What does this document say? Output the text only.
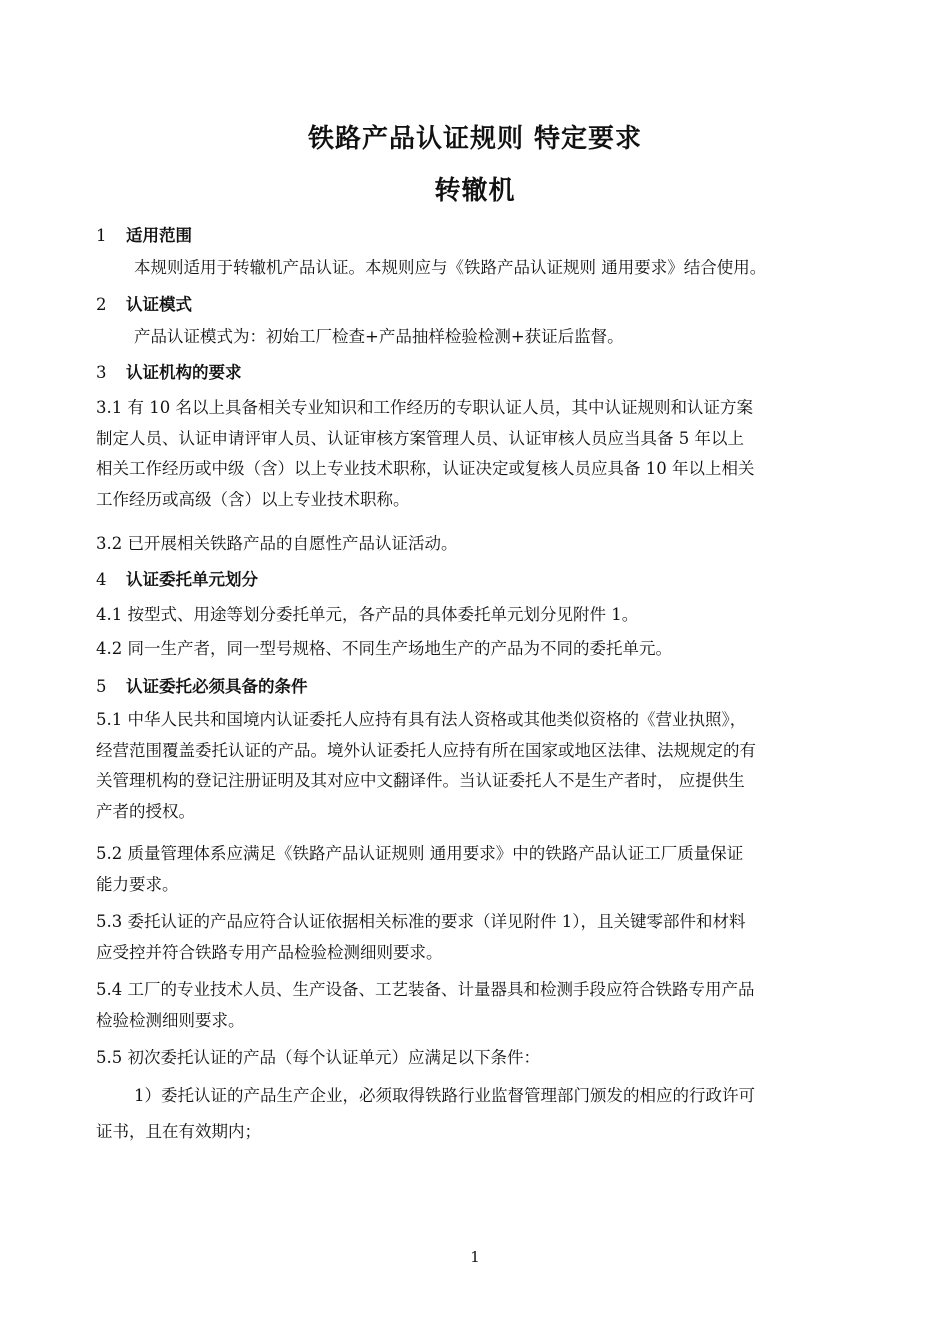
铁路产品认证规则 特定要求
转辙机
1 适用范围
本规则适用于转辙机产品认证。本规则应与《铁路产品认证规则 通用要求》结合使用。
2 认证模式
产品认证模式为：初始工厂检查+产品抽样检验检测+获证后监督。
3 认证机构的要求
3.1 有 10 名以上具备相关专业知识和工作经历的专职认证人员，其中认证规则和认证方案
制定人员、认证申请评审人员、认证审核方案管理人员、认证审核人员应当具备 5 年以上
相关工作经历或中级（含）以上专业技术职称，认证决定或复核人员应具备 10 年以上相关
工作经历或高级（含）以上专业技术职称。
3.2 已开展相关铁路产品的自愿性产品认证活动。
4 认证委托单元划分
4.1 按型式、用途等划分委托单元，各产品的具体委托单元划分见附件 1。
4.2 同一生产者，同一型号规格、不同生产场地生产的产品为不同的委托单元。
5 认证委托必须具备的条件
5.1 中华人民共和国境内认证委托人应持有具有法人资格或其他类似资格的《营业执照》，
经营范围覆盖委托认证的产品。境外认证委托人应持有所在国家或地区法律、法规规定的有
关管理机构的登记注册证明及其对应中文翻译件。当认证委托人不是生产者时， 应提供生
产者的授权。
5.2 质量管理体系应满足《铁路产品认证规则 通用要求》中的铁路产品认证工厂质量保证
能力要求。
5.3 委托认证的产品应符合认证依据相关标准的要求（详见附件 1），且关键零部件和材料
应受控并符合铁路专用产品检验检测细则要求。
5.4 工厂的专业技术人员、生产设备、工艺装备、计量器具和检测手段应符合铁路专用产品
检验检测细则要求。
5.5 初次委托认证的产品（每个认证单元）应满足以下条件：
1）委托认证的产品生产企业，必须取得铁路行业监督管理部门颁发的相应的行政许可
证书，且在有效期内；
1
